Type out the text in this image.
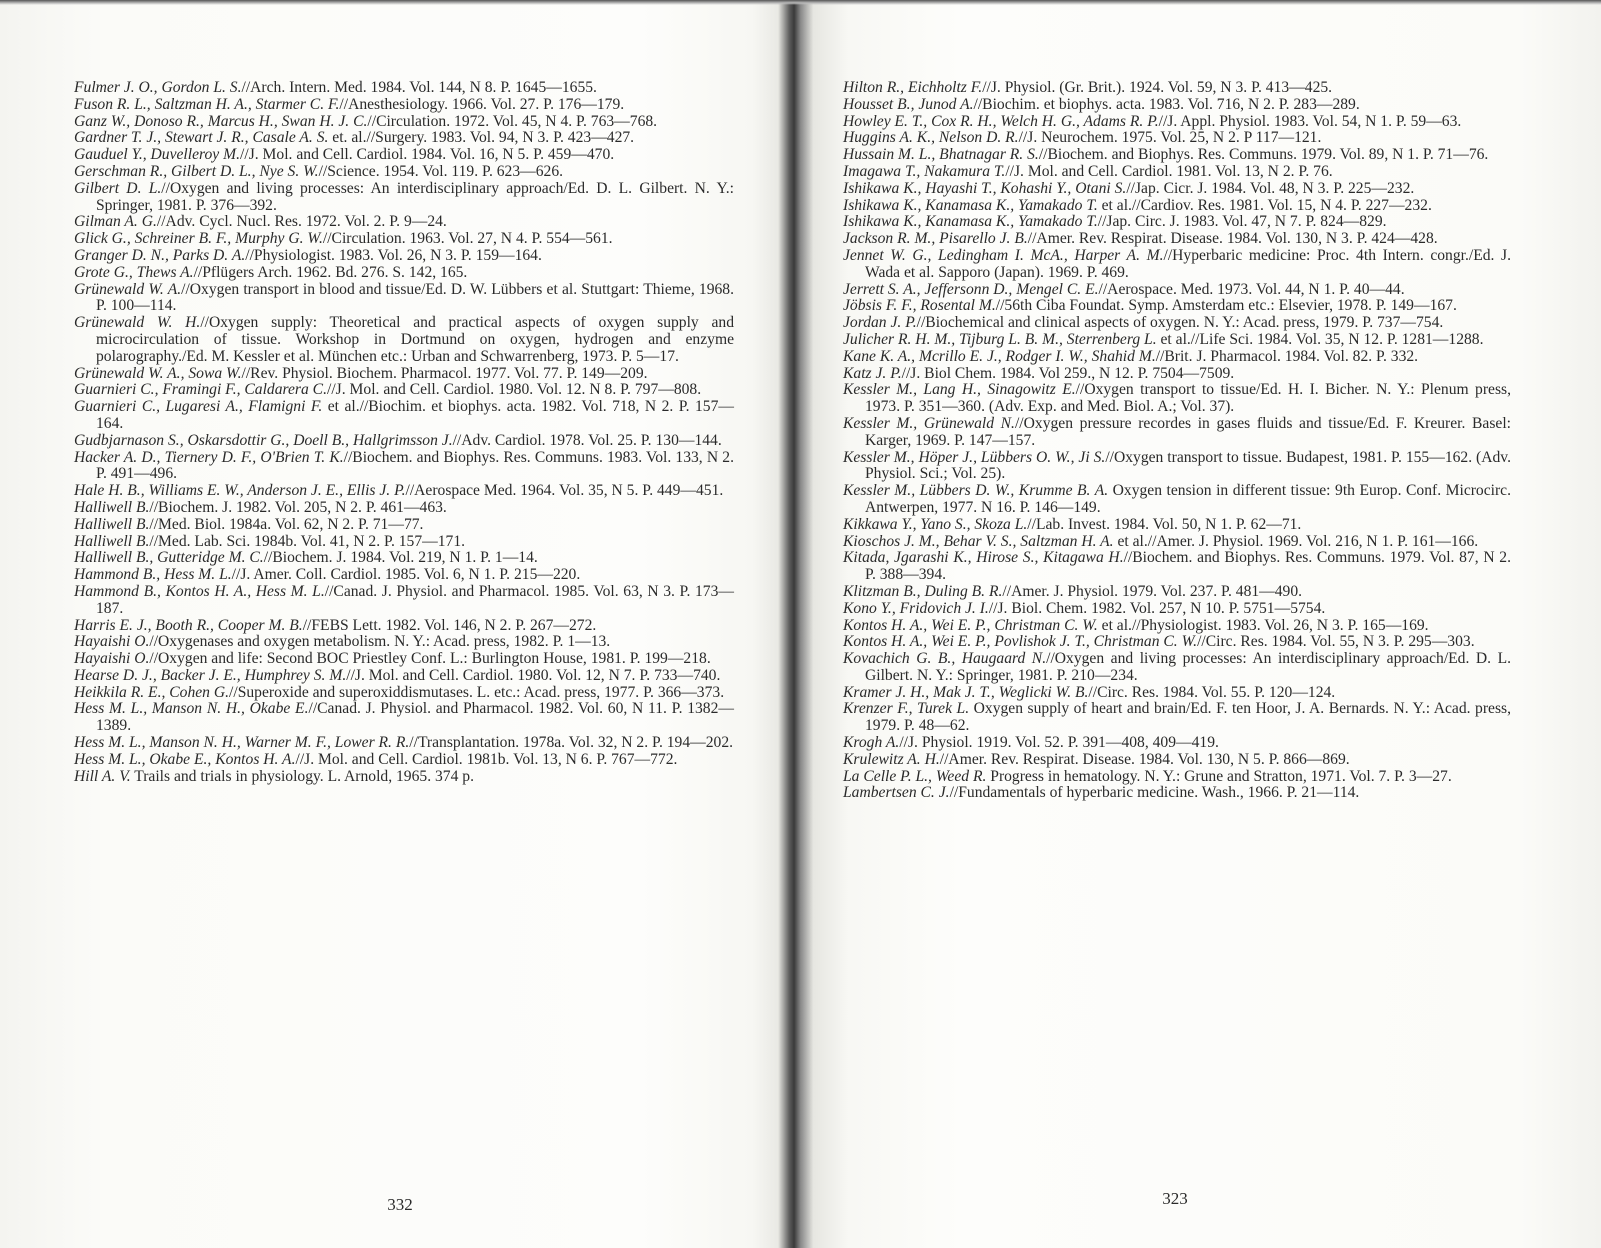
Fulmer J. O., Gordon L. S.//Arch. Intern. Med. 1984. Vol. 144, N 8. P. 1645—1655.
Fuson R. L., Saltzman H. A., Starmer C. F.//Anesthesiology. 1966. Vol. 27. P. 176—179.
Ganz W., Donoso R., Marcus H., Swan H. J. C.//Circulation. 1972. Vol. 45, N 4. P. 763—768.
Gardner T. J., Stewart J. R., Casale A. S. et. al.//Surgery. 1983. Vol. 94, N 3. P. 423—427.
Gauduel Y., Duvelleroy M.//J. Mol. and Cell. Cardiol. 1984. Vol. 16, N 5. P. 459—470.
Gerschman R., Gilbert D. L., Nye S. W.//Science. 1954. Vol. 119. P. 623—626.
Gilbert D. L.//Oxygen and living processes: An interdisciplinary approach/Ed. D. L. Gilbert. N. Y.: Springer, 1981. P. 376—392.
Gilman A. G.//Adv. Cycl. Nucl. Res. 1972. Vol. 2. P. 9—24.
Glick G., Schreiner B. F., Murphy G. W.//Circulation. 1963. Vol. 27, N 4. P. 554—561.
Granger D. N., Parks D. A.//Physiologist. 1983. Vol. 26, N 3. P. 159—164.
Grote G., Thews A.//Pflügers Arch. 1962. Bd. 276. S. 142, 165.
Grünewald W. A.//Oxygen transport in blood and tissue/Ed. D. W. Lübbers et al. Stuttgart: Thieme, 1968. P. 100—114.
Grünewald W. H.//Oxygen supply: Theoretical and practical aspects of oxygen supply and microcirculation of tissue. Workshop in Dortmund on oxygen, hydrogen and enzyme polarography./Ed. M. Kessler et al. München etc.: Urban and Schwarrenberg, 1973. P. 5—17.
Grünewald W. A., Sowa W.//Rev. Physiol. Biochem. Pharmacol. 1977. Vol. 77. P. 149—209.
Guarnieri C., Framingi F., Caldarera C.//J. Mol. and Cell. Cardiol. 1980. Vol. 12. N 8. P. 797—808.
Guarnieri C., Lugaresi A., Flamigni F. et al.//Biochim. et biophys. acta. 1982. Vol. 718, N 2. P. 157—164.
Gudbjarnason S., Oskarsdottir G., Doell B., Hallgrimsson J.//Adv. Cardiol. 1978. Vol. 25. P. 130—144.
Hacker A. D., Tiernery D. F., O'Brien T. K.//Biochem. and Biophys. Res. Communs. 1983. Vol. 133, N 2. P. 491—496.
Hale H. B., Williams E. W., Anderson J. E., Ellis J. P.//Aerospace Med. 1964. Vol. 35, N 5. P. 449—451.
Halliwell B.//Biochem. J. 1982. Vol. 205, N 2. P. 461—463.
Halliwell B.//Med. Biol. 1984a. Vol. 62, N 2. P. 71—77.
Halliwell B.//Med. Lab. Sci. 1984b. Vol. 41, N 2. P. 157—171.
Halliwell B., Gutteridge M. C.//Biochem. J. 1984. Vol. 219, N 1. P. 1—14.
Hammond B., Hess M. L.//J. Amer. Coll. Cardiol. 1985. Vol. 6, N 1. P. 215—220.
Hammond B., Kontos H. A., Hess M. L.//Canad. J. Physiol. and Pharmacol. 1985. Vol. 63, N 3. P. 173—187.
Harris E. J., Booth R., Cooper M. B.//FEBS Lett. 1982. Vol. 146, N 2. P. 267—272.
Hayaishi O.//Oxygenases and oxygen metabolism. N. Y.: Acad. press, 1982. P. 1—13.
Hayaishi O.//Oxygen and life: Second BOC Priestley Conf. L.: Burlington House, 1981. P. 199—218.
Hearse D. J., Backer J. E., Humphrey S. M.//J. Mol. and Cell. Cardiol. 1980. Vol. 12, N 7. P. 733—740.
Heikkila R. E., Cohen G.//Superoxide and superoxiddismutases. L. etc.: Acad. press, 1977. P. 366—373.
Hess M. L., Manson N. H., Okabe E.//Canad. J. Physiol. and Pharmacol. 1982. Vol. 60, N 11. P. 1382—1389.
Hess M. L., Manson N. H., Warner M. F., Lower R. R.//Transplantation. 1978a. Vol. 32, N 2. P. 194—202.
Hess M. L., Okabe E., Kontos H. A.//J. Mol. and Cell. Cardiol. 1981b. Vol. 13, N 6. P. 767—772.
Hill A. V. Trails and trials in physiology. L. Arnold, 1965. 374 p.
332
Hilton R., Eichholtz F.//J. Physiol. (Gr. Brit.). 1924. Vol. 59, N 3. P. 413—425.
Housset B., Junod A.//Biochim. et biophys. acta. 1983. Vol. 716, N 2. P. 283—289.
Howley E. T., Cox R. H., Welch H. G., Adams R. P.//J. Appl. Physiol. 1983. Vol. 54, N 1. P. 59—63.
Huggins A. K., Nelson D. R.//J. Neurochem. 1975. Vol. 25, N 2. P 117—121.
Hussain M. L., Bhatnagar R. S.//Biochem. and Biophys. Res. Communs. 1979. Vol. 89, N 1. P. 71—76.
Imagawa T., Nakamura T.//J. Mol. and Cell. Cardiol. 1981. Vol. 13, N 2. P. 76.
Ishikawa K., Hayashi T., Kohashi Y., Otani S.//Jap. Cicr. J. 1984. Vol. 48, N 3. P. 225—232.
Ishikawa K., Kanamasa K., Yamakado T. et al.//Cardiov. Res. 1981. Vol. 15, N 4. P. 227—232.
Ishikawa K., Kanamasa K., Yamakado T.//Jap. Circ. J. 1983. Vol. 47, N 7. P. 824—829.
Jackson R. M., Pisarello J. B.//Amer. Rev. Respirat. Disease. 1984. Vol. 130, N 3. P. 424—428.
Jennet W. G., Ledingham I. McA., Harper A. M.//Hyperbaric medicine: Proc. 4th Intern. congr./Ed. J. Wada et al. Sapporo (Japan). 1969. P. 469.
Jerrett S. A., Jeffersonn D., Mengel C. E.//Aerospace. Med. 1973. Vol. 44, N 1. P. 40—44.
Jöbsis F. F., Rosental M.//56th Ciba Foundat. Symp. Amsterdam etc.: Elsevier, 1978. P. 149—167.
Jordan J. P.//Biochemical and clinical aspects of oxygen. N. Y.: Acad. press, 1979. P. 737—754.
Julicher R. H. M., Tijburg L. B. M., Sterrenberg L. et al.//Life Sci. 1984. Vol. 35, N 12. P. 1281—1288.
Kane K. A., Mcrillo E. J., Rodger I. W., Shahid M.//Brit. J. Pharmacol. 1984. Vol. 82. P. 332.
Katz J. P.//J. Biol Chem. 1984. Vol 259., N 12. P. 7504—7509.
Kessler M., Lang H., Sinagowitz E.//Oxygen transport to tissue/Ed. H. I. Bicher. N. Y.: Plenum press, 1973. P. 351—360. (Adv. Exp. and Med. Biol. A.; Vol. 37).
Kessler M., Grünewald N.//Oxygen pressure recordes in gases fluids and tissue/Ed. F. Kreurer. Basel: Karger, 1969. P. 147—157.
Kessler M., Höper J., Lübbers O. W., Ji S.//Oxygen transport to tissue. Budapest, 1981. P. 155—162. (Adv. Physiol. Sci.; Vol. 25).
Kessler M., Lübbers D. W., Krumme B. A. Oxygen tension in different tissue: 9th Europ. Conf. Microcirc. Antwerpen, 1977. N 16. P. 146—149.
Kikkawa Y., Yano S., Skoza L.//Lab. Invest. 1984. Vol. 50, N 1. P. 62—71.
Kioschos J. M., Behar V. S., Saltzman H. A. et al.//Amer. J. Physiol. 1969. Vol. 216, N 1. P. 161—166.
Kitada, Jgarashi K., Hirose S., Kitagawa H.//Biochem. and Biophys. Res. Communs. 1979. Vol. 87, N 2. P. 388—394.
Klitzman B., Duling B. R.//Amer. J. Physiol. 1979. Vol. 237. P. 481—490.
Kono Y., Fridovich J. I.//J. Biol. Chem. 1982. Vol. 257, N 10. P. 5751—5754.
Kontos H. A., Wei E. P., Christman C. W. et al.//Physiologist. 1983. Vol. 26, N 3. P. 165—169.
Kontos H. A., Wei E. P., Povlishok J. T., Christman C. W.//Circ. Res. 1984. Vol. 55, N 3. P. 295—303.
Kovachich G. B., Haugaard N.//Oxygen and living processes: An interdisciplinary approach/Ed. D. L. Gilbert. N. Y.: Springer, 1981. P. 210—234.
Kramer J. H., Mak J. T., Weglicki W. B.//Circ. Res. 1984. Vol. 55. P. 120—124.
Krenzer F., Turek L. Oxygen supply of heart and brain/Ed. F. ten Hoor, J. A. Bernards. N. Y.: Acad. press, 1979. P. 48—62.
Krogh A.//J. Physiol. 1919. Vol. 52. P. 391—408, 409—419.
Krulewitz A. H.//Amer. Rev. Respirat. Disease. 1984. Vol. 130, N 5. P. 866—869.
La Celle P. L., Weed R. Progress in hematology. N. Y.: Grune and Stratton, 1971. Vol. 7. P. 3—27.
Lambertsen C. J.//Fundamentals of hyperbaric medicine. Wash., 1966. P. 21—114.
323
